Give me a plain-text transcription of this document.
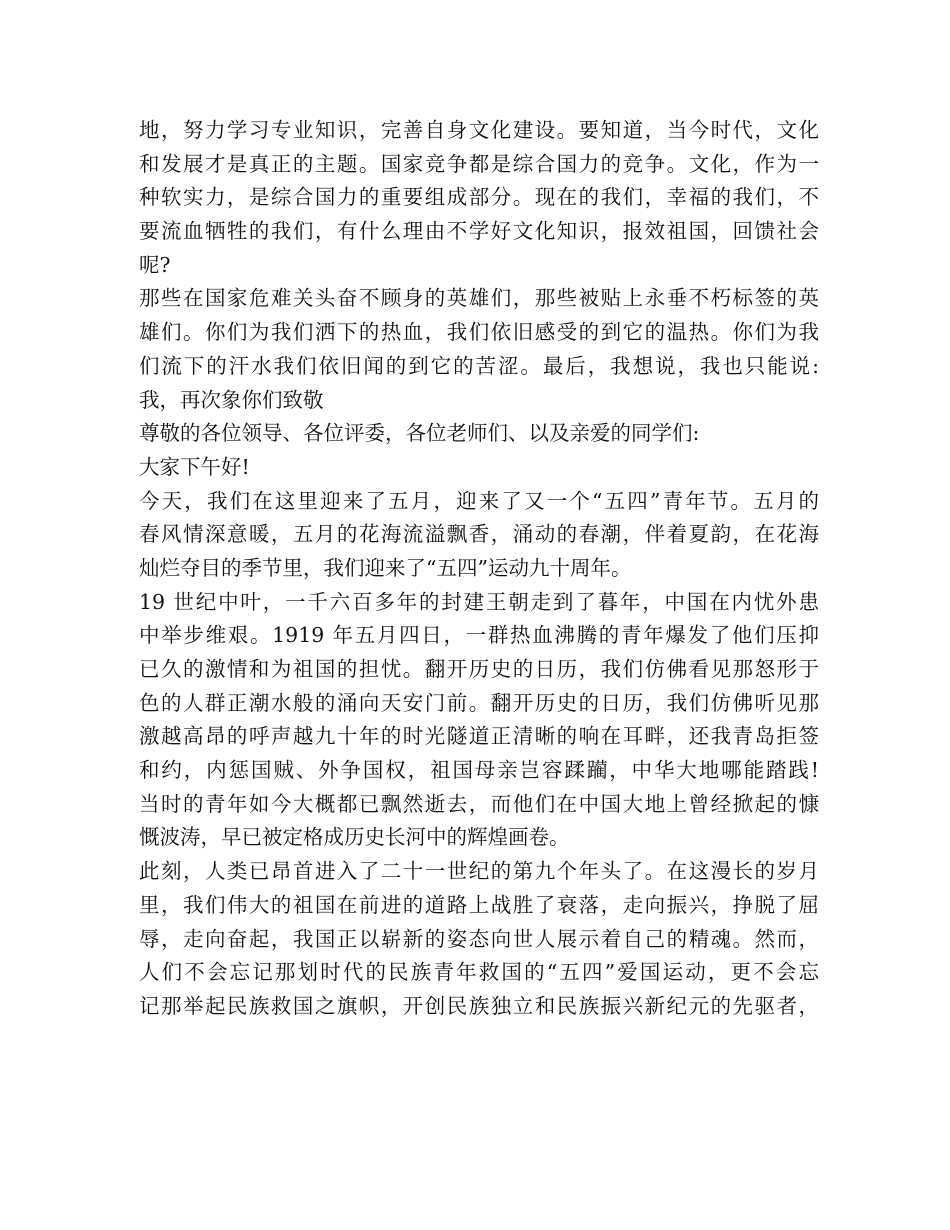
地，努力学习专业知识，完善自身文化建设。要知道，当今时代，文化
和发展才是真正的主题。国家竞争都是综合国力的竞争。文化，作为一
种软实力，是综合国力的重要组成部分。现在的我们，幸福的我们，不
要流血牺牲的我们，有什么理由不学好文化知识，报效祖国，回馈社会
呢?
那些在国家危难关头奋不顾身的英雄们，那些被贴上永垂不朽标签的英
雄们。你们为我们洒下的热血，我们依旧感受的到它的温热。你们为我
们流下的汗水我们依旧闻的到它的苦涩。最后，我想说，我也只能说:
我，再次象你们致敬
尊敬的各位领导、各位评委，各位老师们、以及亲爱的同学们:
大家下午好!
今天，我们在这里迎来了五月，迎来了又一个“五四”青年节。五月的
春风情深意暖，五月的花海流溢飘香，涌动的春潮，伴着夏韵，在花海
灿烂夺目的季节里，我们迎来了“五四”运动九十周年。
19 世纪中叶，一千六百多年的封建王朝走到了暮年，中国在内忧外患
中举步维艰。1919 年五月四日，一群热血沸腾的青年爆发了他们压抑
已久的激情和为祖国的担忧。翻开历史的日历，我们仿佛看见那怒形于
色的人群正潮水般的涌向天安门前。翻开历史的日历，我们仿佛听见那
激越高昂的呼声越九十年的时光隧道正清晰的响在耳畔，还我青岛拒签
和约，内惩国贼、外争国权，祖国母亲岂容蹂躏，中华大地哪能踏践!
当时的青年如今大概都已飘然逝去，而他们在中国大地上曾经掀起的慷
慨波涛，早已被定格成历史长河中的辉煌画卷。
此刻，人类已昂首进入了二十一世纪的第九个年头了。在这漫长的岁月
里，我们伟大的祖国在前进的道路上战胜了衰落，走向振兴，挣脱了屈
辱，走向奋起，我国正以崭新的姿态向世人展示着自己的精魂。然而，
人们不会忘记那划时代的民族青年救国的“五四”爱国运动，更不会忘
记那举起民族救国之旗帜，开创民族独立和民族振兴新纪元的先驱者，
